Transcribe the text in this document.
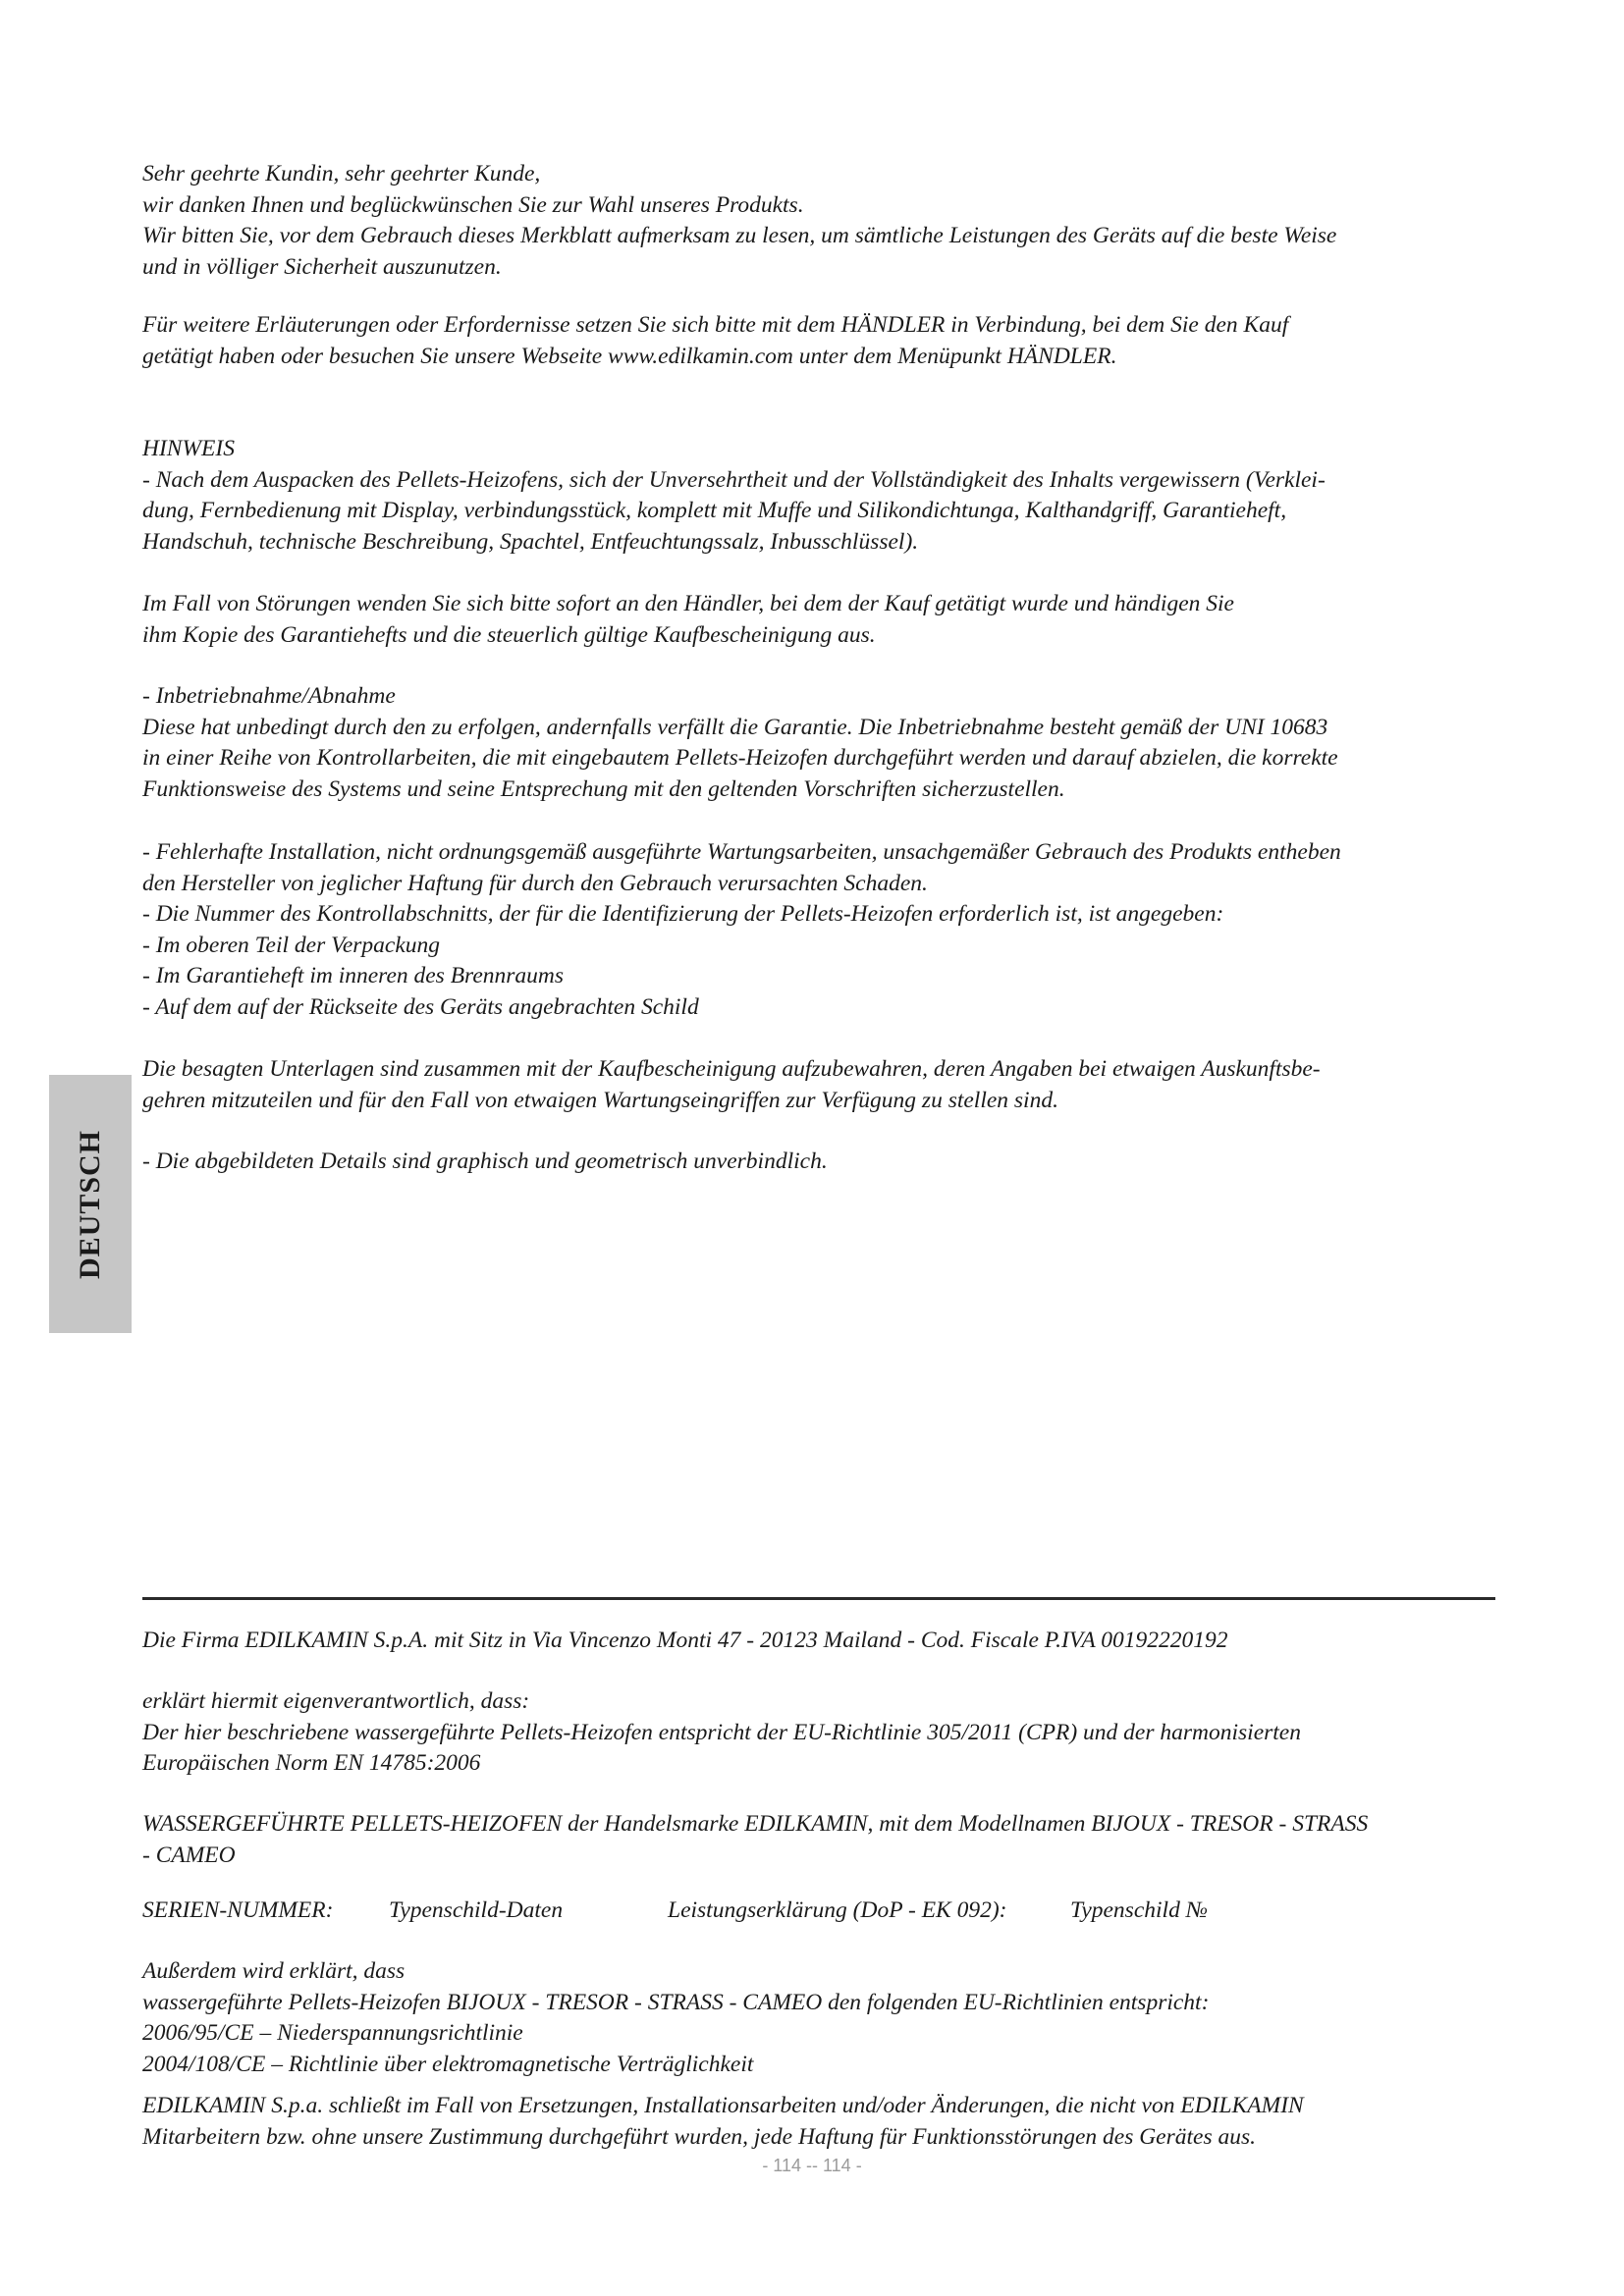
DEUTSCH
Sehr geehrte Kundin, sehr geehrter Kunde,
wir danken Ihnen und beglückwünschen Sie zur Wahl unseres Produkts.
Wir bitten Sie, vor dem Gebrauch dieses Merkblatt aufmerksam zu lesen, um sämtliche Leistungen des Geräts auf die beste Weise
und in völliger Sicherheit auszunutzen.
Für weitere Erläuterungen oder Erfordernisse setzen Sie sich bitte mit dem HÄNDLER in Verbindung, bei dem Sie den Kauf
getätigt haben oder besuchen Sie unsere Webseite www.edilkamin.com unter dem Menüpunkt HÄNDLER.
HINWEIS
- Nach dem Auspacken des Pellets-Heizofens, sich der Unversehrtheit und der Vollständigkeit des Inhalts vergewissern (Verklei-
dung, Fernbedienung mit Display, verbindungsstück, komplett mit Muffe und Silikondichtunga, Kalthandgriff, Garantieheft,
Handschuh, technische Beschreibung, Spachtel, Entfeuchtungssalz, Inbusschlüssel).
Im Fall von Störungen wenden Sie sich bitte sofort an den Händler, bei dem der Kauf getätigt wurde und händigen Sie
ihm Kopie des Garantiehefts und die steuerlich gültige Kaufbescheinigung aus.
- Inbetriebnahme/Abnahme
Diese hat unbedingt durch den zu erfolgen, andernfalls verfällt die Garantie. Die Inbetriebnahme besteht gemäß der UNI 10683
in einer Reihe von Kontrollarbeiten, die mit eingebautem Pellets-Heizofen durchgeführt werden und darauf abzielen, die korrekte
Funktionsweise des Systems und seine Entsprechung mit den geltenden Vorschriften sicherzustellen.
- Fehlerhafte Installation, nicht ordnungsgemäß ausgeführte Wartungsarbeiten, unsachgemäßer Gebrauch des Produkts entheben
den Hersteller von jeglicher Haftung für durch den Gebrauch verursachten Schaden.
- Die Nummer des Kontrollabschnitts, der für die Identifizierung der Pellets-Heizofen erforderlich ist, ist angegeben:
- Im oberen Teil der Verpackung
- Im Garantieheft im inneren des Brennraums
- Auf dem auf der Rückseite des Geräts angebrachten Schild
Die besagten Unterlagen sind zusammen mit der Kaufbescheinigung aufzubewahren, deren Angaben bei etwaigen Auskunftsbe-
gehren mitzuteilen und für den Fall von etwaigen Wartungseingriffen zur Verfügung zu stellen sind.
- Die abgebildeten Details sind graphisch und geometrisch unverbindlich.
Die Firma EDILKAMIN S.p.A. mit Sitz in Via Vincenzo Monti 47 - 20123 Mailand - Cod. Fiscale P.IVA 00192220192
erklärt hiermit eigenverantwortlich, dass:
Der hier beschriebene wassergeführte Pellets-Heizofen entspricht der EU-Richtlinie 305/2011 (CPR) und der harmonisierten
Europäischen Norm EN 14785:2006
WASSERGEFÜHRTE PELLETS-HEIZOFEN der Handelsmarke EDILKAMIN, mit dem Modellnamen BIJOUX - TRESOR - STRASS
- CAMEO
SERIEN-NUMMER: Typenschild-Daten	Leistungserklärung (DoP - EK 092):	Typenschild №
Außerdem wird erklärt, dass
wassergeführte Pellets-Heizofen BIJOUX - TRESOR - STRASS - CAMEO den folgenden EU-Richtlinien entspricht:
2006/95/CE – Niederspannungsrichtlinie
2004/108/CE – Richtlinie über elektromagnetische Verträglichkeit
EDILKAMIN S.p.a. schließt im Fall von Ersetzungen, Installationsarbeiten und/oder Änderungen, die nicht von EDILKAMIN
Mitarbeitern bzw. ohne unsere Zustimmung durchgeführt wurden, jede Haftung für Funktionsstörungen des Gerätes aus.
- 114 -- 114 -
